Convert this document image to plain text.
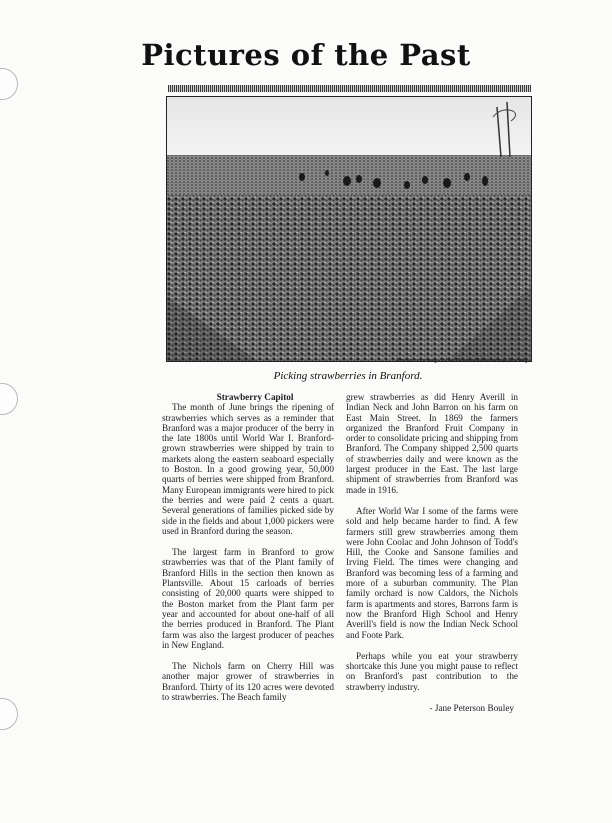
Pictures of the Past
Photo courtesy of the Branford Historical Society
Picking strawberries in Branford.
Strawberry Capitol

The month of June brings the ripening of strawberries which serves as a reminder that Branford was a major producer of the berry in the late 1800s until World War I. Branford-grown strawberries were shipped by train to markets along the eastern seaboard especially to Boston. In a good growing year, 50,000 quarts of berries were shipped from Branford. Many European immigrants were hired to pick the berries and were paid 2 cents a quart. Several generations of families picked side by side in the fields and about 1,000 pickers were used in Branford during the season.

The largest farm in Branford to grow strawberries was that of the Plant family of Branford Hills in the section then known as Plantsville. About 15 carloads of berries consisting of 20,000 quarts were shipped to the Boston market from the Plant farm per year and accounted for about one-half of all the berries produced in Branford. The Plant farm was also the largest producer of peaches in New England.

The Nichols farm on Cherry Hill was another major grower of strawberries in Branford. Thirty of its 120 acres were devoted to strawberries. The Beach family

grew strawberries as did Henry Averill in Indian Neck and John Barron on his farm on East Main Street. In 1869 the farmers organized the Branford Fruit Company in order to consolidate pricing and shipping from Branford. The Company shipped 2,500 quarts of strawberries daily and were known as the largest producer in the East. The last large shipment of strawberries from Branford was made in 1916.

After World War I some of the farms were sold and help became harder to find. A few farmers still grew strawberries among them were John Coolac and John Johnson of Todd's Hill, the Cooke and Sansone families and Irving Field. The times were changing and Branford was becoming less of a farming and more of a suburban community. The Plan family orchard is now Caldors, the Nichols farm is apartments and stores, Barrons farm is now the Branford High School and Henry Averill's field is now the Indian Neck School and Foote Park.

Perhaps while you eat your strawberry shortcake this June you might pause to reflect on Branford's past contribution to the strawberry industry.

- Jane Peterson Bouley
